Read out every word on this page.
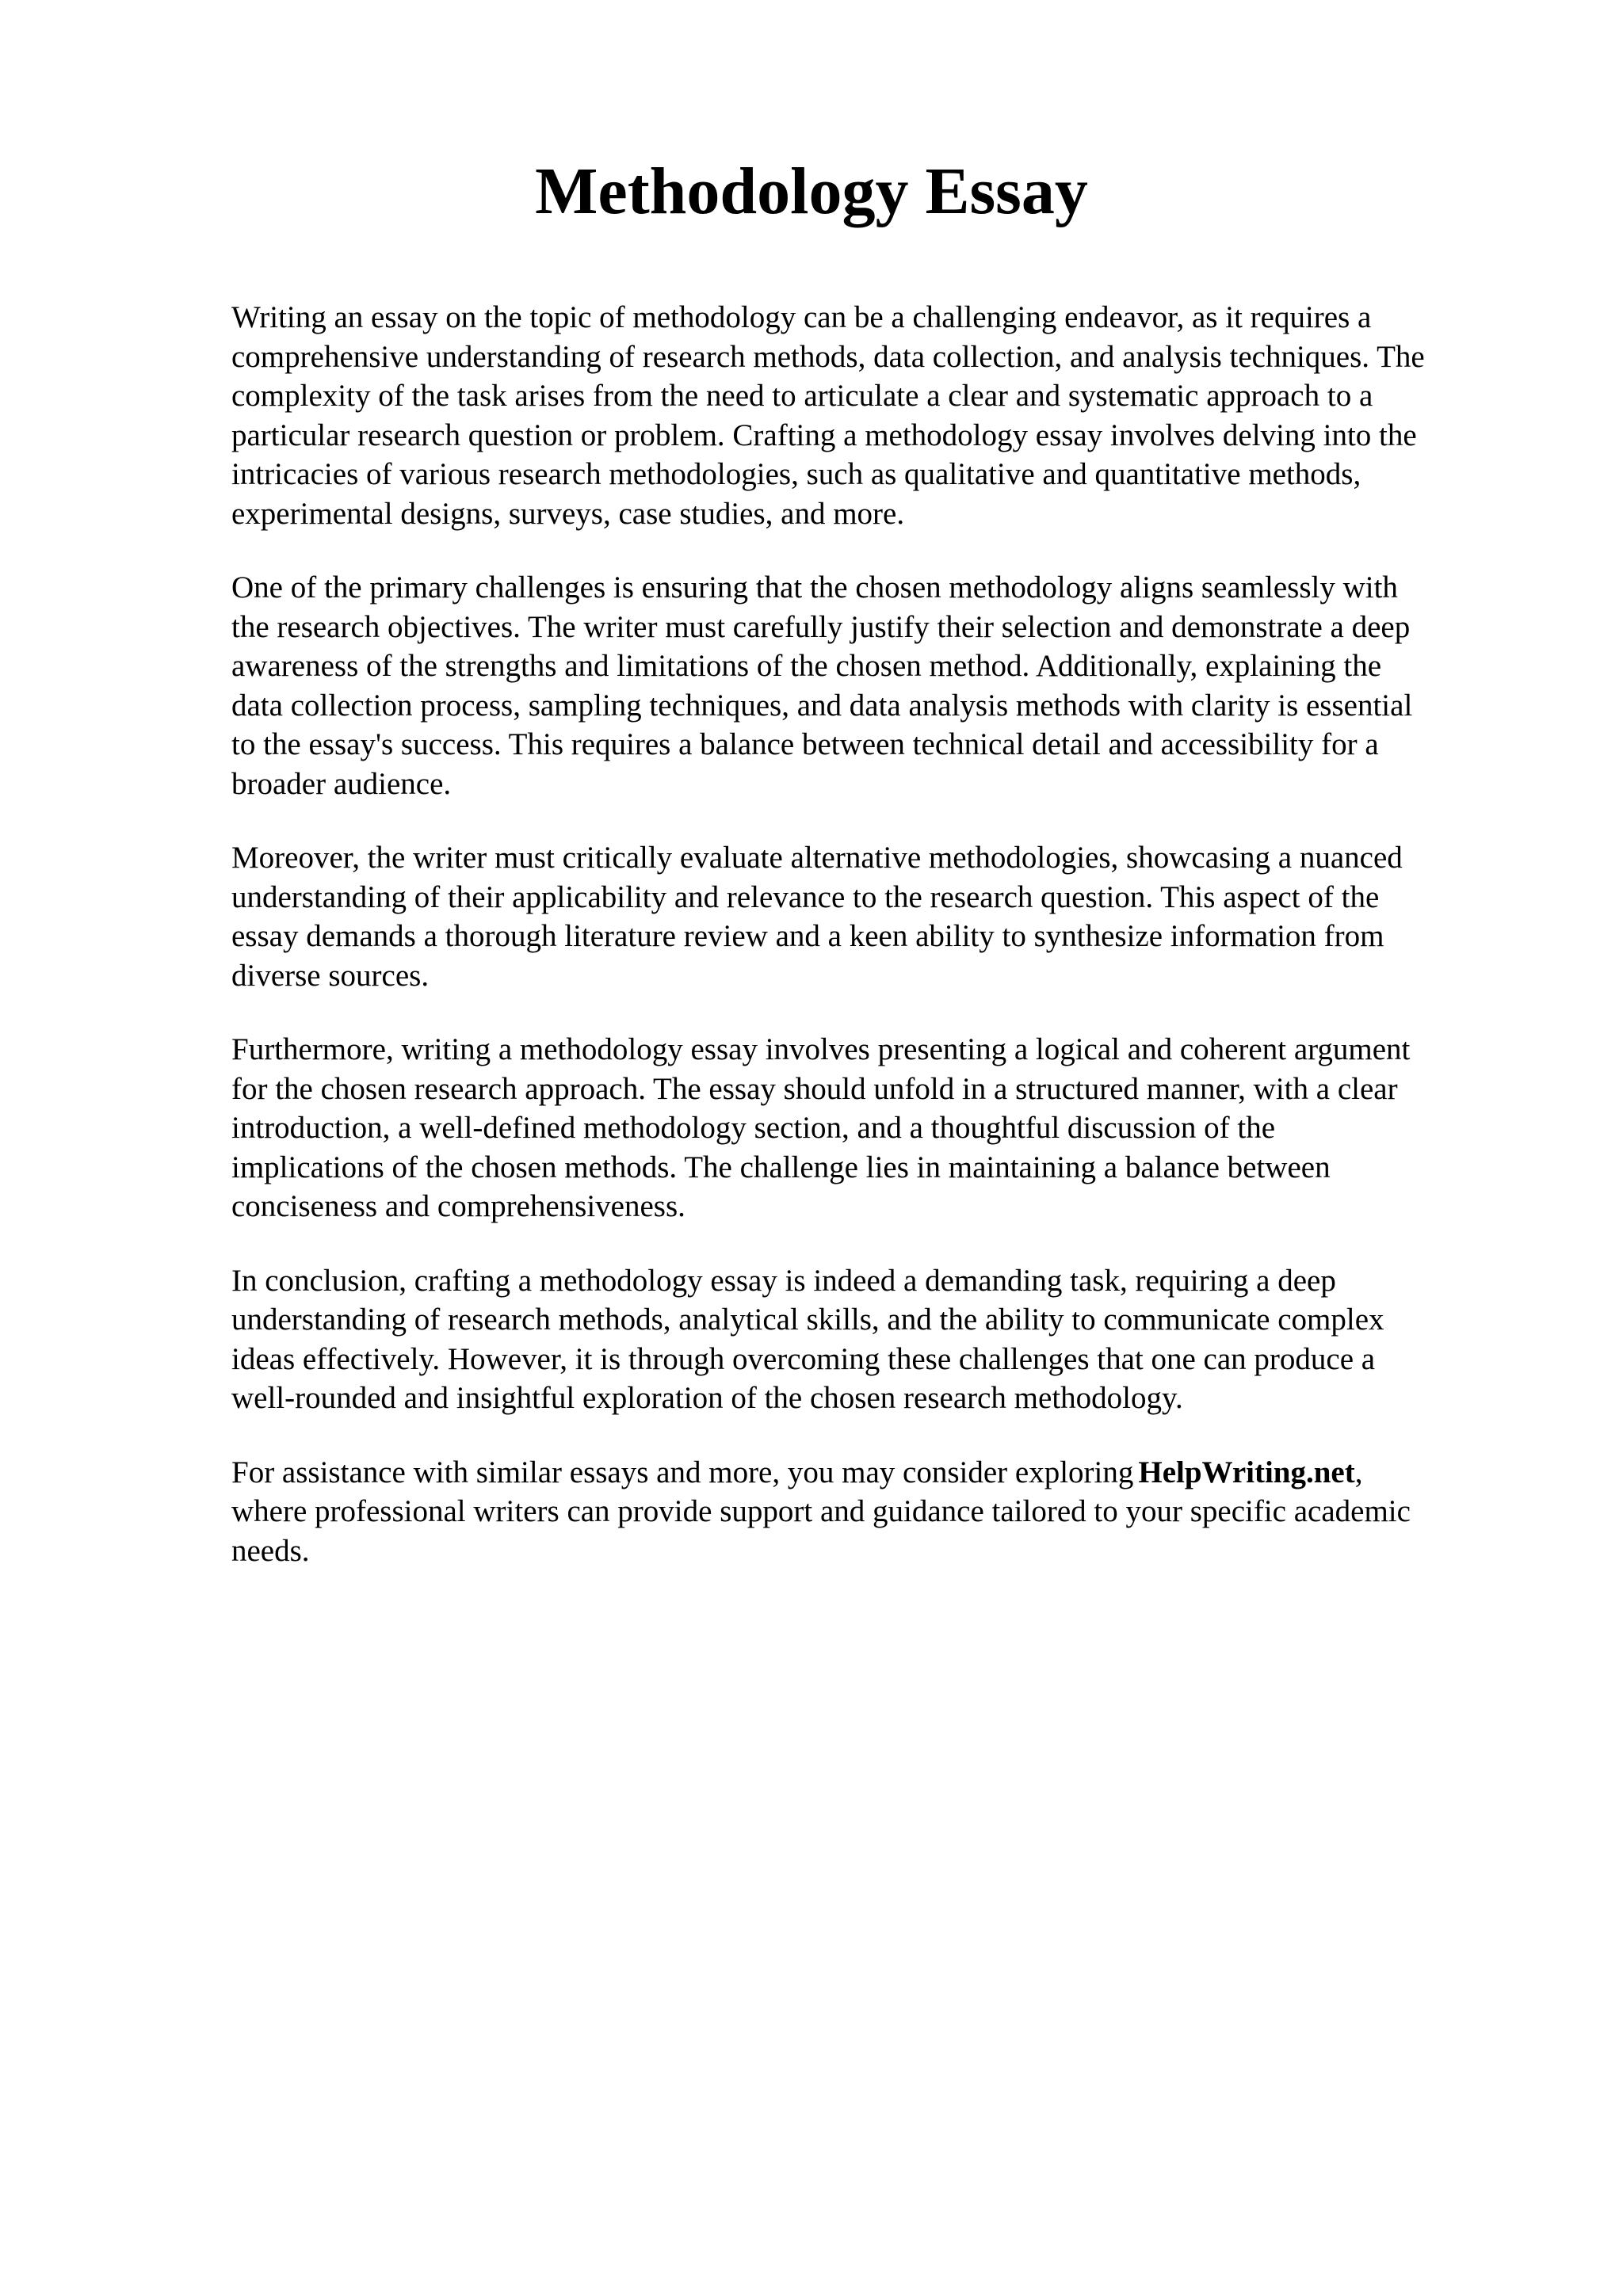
Methodology Essay

Writing an essay on the topic of methodology can be a challenging endeavor, as it requires a
comprehensive understanding of research methods, data collection, and analysis techniques. The
complexity of the task arises from the need to articulate a clear and systematic approach to a
particular research question or problem. Crafting a methodology essay involves delving into the
intricacies of various research methodologies, such as qualitative and quantitative methods,
experimental designs, surveys, case studies, and more.

One of the primary challenges is ensuring that the chosen methodology aligns seamlessly with
the research objectives. The writer must carefully justify their selection and demonstrate a deep
awareness of the strengths and limitations of the chosen method. Additionally, explaining the
data collection process, sampling techniques, and data analysis methods with clarity is essential
to the essay's success. This requires a balance between technical detail and accessibility for a
broader audience.

Moreover, the writer must critically evaluate alternative methodologies, showcasing a nuanced
understanding of their applicability and relevance to the research question. This aspect of the
essay demands a thorough literature review and a keen ability to synthesize information from
diverse sources.

Furthermore, writing a methodology essay involves presenting a logical and coherent argument
for the chosen research approach. The essay should unfold in a structured manner, with a clear
introduction, a well-defined methodology section, and a thoughtful discussion of the
implications of the chosen methods. The challenge lies in maintaining a balance between
conciseness and comprehensiveness.

In conclusion, crafting a methodology essay is indeed a demanding task, requiring a deep
understanding of research methods, analytical skills, and the ability to communicate complex
ideas effectively. However, it is through overcoming these challenges that one can produce a
well-rounded and insightful exploration of the chosen research methodology.

For assistance with similar essays and more, you may consider exploring HelpWriting.net,
where professional writers can provide support and guidance tailored to your specific academic
needs.
